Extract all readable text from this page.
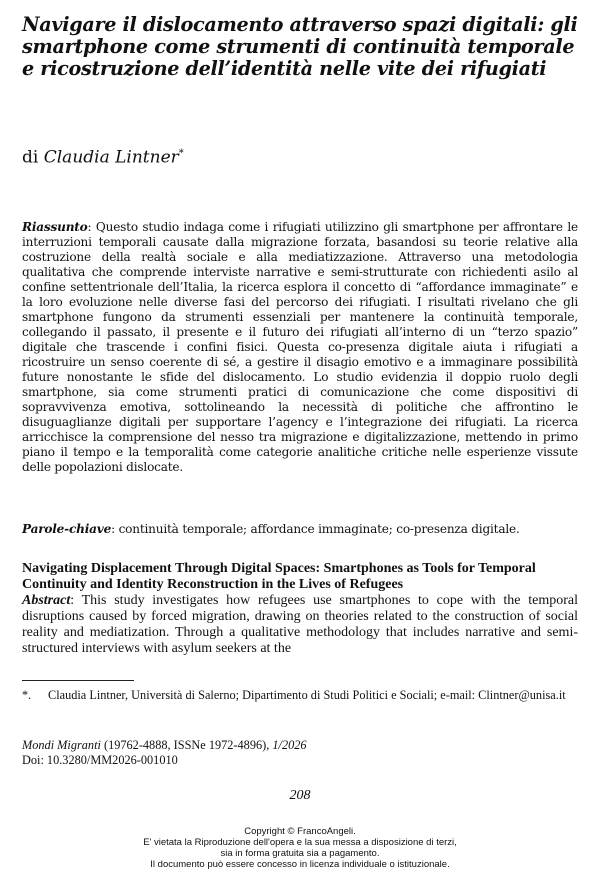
Navigare il dislocamento attraverso spazi digitali: gli smartphone come strumenti di continuità temporale e ricostruzione dell’identità nelle vite dei rifugiati
di Claudia Lintner*

Riassunto: Questo studio indaga come i rifugiati utilizzino gli smartphone per affrontare le interruzioni temporali causate dalla migrazione forzata, basandosi su teorie relative alla costruzione della realtà sociale e alla mediatizzazione. Attraverso una metodologia qualitativa che comprende interviste narrative e semi-strutturate con richiedenti asilo al confine settentrionale dell’Italia, la ricerca esplora il concetto di “affordance immaginate” e la loro evoluzione nelle diverse fasi del percorso dei rifugiati. I risultati rivelano che gli smartphone fungono da strumenti essenziali per mantenere la continuità temporale, collegando il passato, il presente e il futuro dei rifugiati all’interno di un “terzo spazio” digitale che trascende i confini fisici. Questa co-presenza digitale aiuta i rifugiati a ricostruire un senso coerente di sé, a gestire il disagio emotivo e a immaginare possibilità future nonostante le sfide del dislocamento. Lo studio evidenzia il doppio ruolo degli smartphone, sia come strumenti pratici di comunicazione che come dispositivi di sopravvivenza emotiva, sottolineando la necessità di politiche che affrontino le disuguaglianze digitali per supportare l’agency e l’integrazione dei rifugiati. La ricerca arricchisce la comprensione del nesso tra migrazione e digitalizzazione, mettendo in primo piano il tempo e la temporalità come categorie analitiche critiche nelle esperienze vissute delle popolazioni dislocate.

Parole-chiave: continuità temporale; affordance immaginate; co-presenza digitale.

Navigating Displacement Through Digital Spaces: Smartphones as Tools for Temporal Continuity and Identity Reconstruction in the Lives of Refugees

Abstract: This study investigates how refugees use smartphones to cope with the temporal disruptions caused by forced migration, drawing on theories related to the construction of social reality and mediatization. Through a qualitative methodology that includes narrative and semi-structured interviews with asylum seekers at the

*. Claudia Lintner, Università di Salerno; Dipartimento di Studi Politici e Sociali; e-mail: Clintner@unisa.it

Mondi Migranti (19762-4888, ISSNe 1972-4896), 1/2026
Doi: 10.3280/MM2026-001010
208
Copyright © FrancoAngeli.
E' vietata la Riproduzione dell'opera e la sua messa a disposizione di terzi,
sia in forma gratuita sia a pagamento.
Il documento può essere concesso in licenza individuale o istituzionale.
